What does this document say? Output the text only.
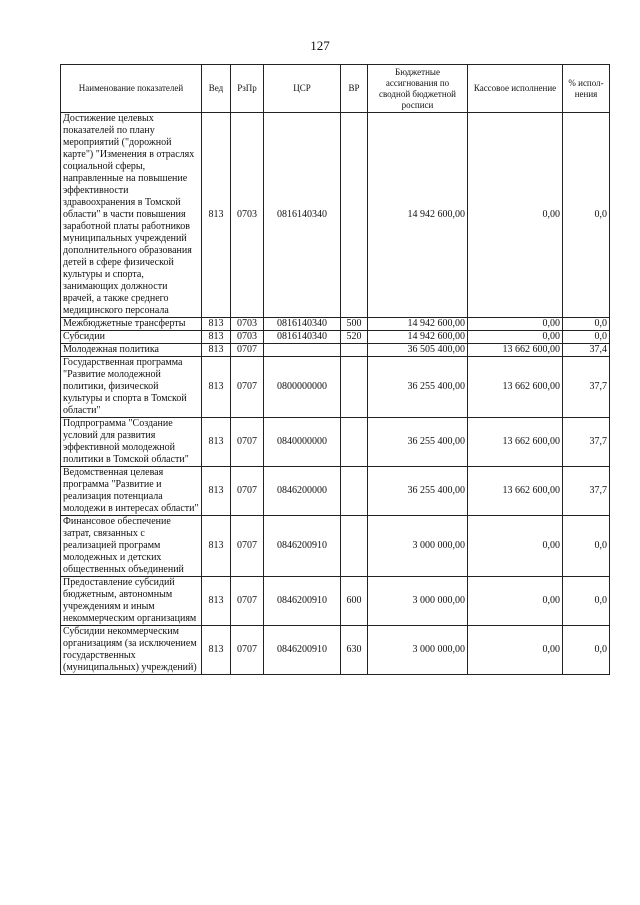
127
Наименование показателей	Вед	РзПр	ЦСР	ВР	Бюджетные ассигнования по сводной бюджетной росписи	Кассовое исполнение	% испол-нения
Достижение целевых показателей по плану мероприятий ("дорожной карте") "Изменения в отраслях социальной сферы, направленные на повышение эффективности здравоохранения в Томской области" в части повышения заработной платы работников муниципальных учреждений дополнительного образования детей в сфере физической культуры и спорта, занимающих должности врачей, а также среднего медицинского персонала	813	0703	0816140340		14 942 600,00	0,00	0,0
Межбюджетные трансферты	813	0703	0816140340	500	14 942 600,00	0,00	0,0
Субсидии	813	0703	0816140340	520	14 942 600,00	0,00	0,0
Молодежная политика	813	0707			36 505 400,00	13 662 600,00	37,4
Государственная программа "Развитие молодежной политики, физической культуры и спорта в Томской области"	813	0707	0800000000		36 255 400,00	13 662 600,00	37,7
Подпрограмма "Создание условий для развития эффективной молодежной политики в Томской области"	813	0707	0840000000		36 255 400,00	13 662 600,00	37,7
Ведомственная целевая программа "Развитие и реализация потенциала молодежи в интересах области"	813	0707	0846200000		36 255 400,00	13 662 600,00	37,7
Финансовое обеспечение затрат, связанных с реализацией программ молодежных и детских общественных объединений	813	0707	0846200910		3 000 000,00	0,00	0,0
Предоставление субсидий бюджетным, автономным учреждениям и иным некоммерческим организациям	813	0707	0846200910	600	3 000 000,00	0,00	0,0
Субсидии некоммерческим организациям (за исключением государственных (муниципальных) учреждений)	813	0707	0846200910	630	3 000 000,00	0,00	0,0
